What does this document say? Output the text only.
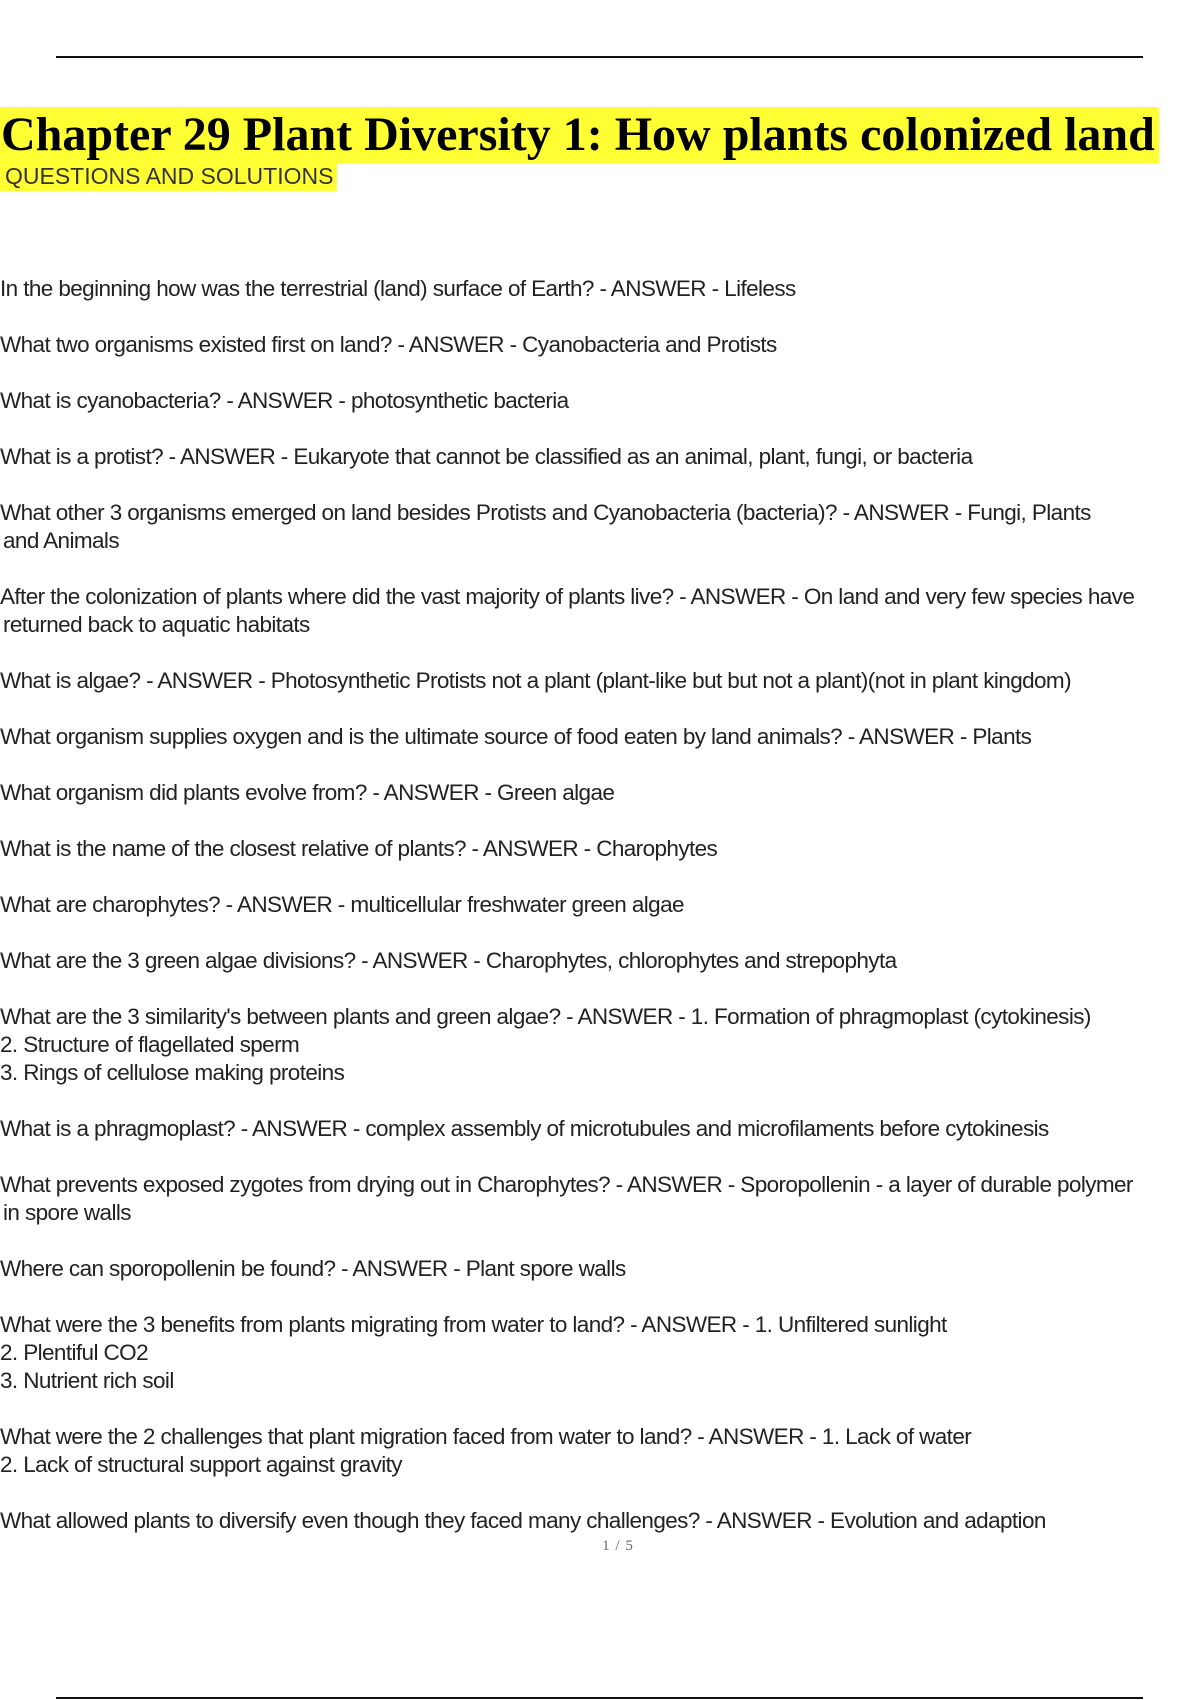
Chapter 29 Plant Diversity 1: How plants colonized land
QUESTIONS AND SOLUTIONS
In the beginning how was the terrestrial (land) surface of Earth? - ANSWER - Lifeless
What two organisms existed first on land? - ANSWER - Cyanobacteria and Protists
What is cyanobacteria? - ANSWER - photosynthetic bacteria
What is a protist? - ANSWER - Eukaryote that cannot be classified as an animal, plant, fungi, or bacteria
What other 3 organisms emerged on land besides Protists and Cyanobacteria (bacteria)? - ANSWER - Fungi, Plants
and Animals
After the colonization of plants where did the vast majority of plants live? - ANSWER - On land and very few species have
returned back to aquatic habitats
What is algae? - ANSWER - Photosynthetic Protists not a plant (plant-like but but not a plant)(not in plant kingdom)
What organism supplies oxygen and is the ultimate source of food eaten by land animals? - ANSWER - Plants
What organism did plants evolve from? - ANSWER - Green algae
What is the name of the closest relative of plants? - ANSWER - Charophytes
What are charophytes? - ANSWER - multicellular freshwater green algae
What are the 3 green algae divisions? - ANSWER - Charophytes, chlorophytes and strepophyta
What are the 3 similarity's between plants and green algae? - ANSWER - 1. Formation of phragmoplast (cytokinesis)
2. Structure of flagellated sperm
3. Rings of cellulose making proteins
What is a phragmoplast? - ANSWER - complex assembly of microtubules and microfilaments before cytokinesis
What prevents exposed zygotes from drying out in Charophytes? - ANSWER - Sporopollenin - a layer of durable polymer
in spore walls
Where can sporopollenin be found? - ANSWER - Plant spore walls
What were the 3 benefits from plants migrating from water to land? - ANSWER - 1. Unfiltered sunlight
2. Plentiful CO2
3. Nutrient rich soil
What were the 2 challenges that plant migration faced from water to land? - ANSWER - 1. Lack of water
2. Lack of structural support against gravity
What allowed plants to diversify even though they faced many challenges? - ANSWER - Evolution and adaption
1 / 5
